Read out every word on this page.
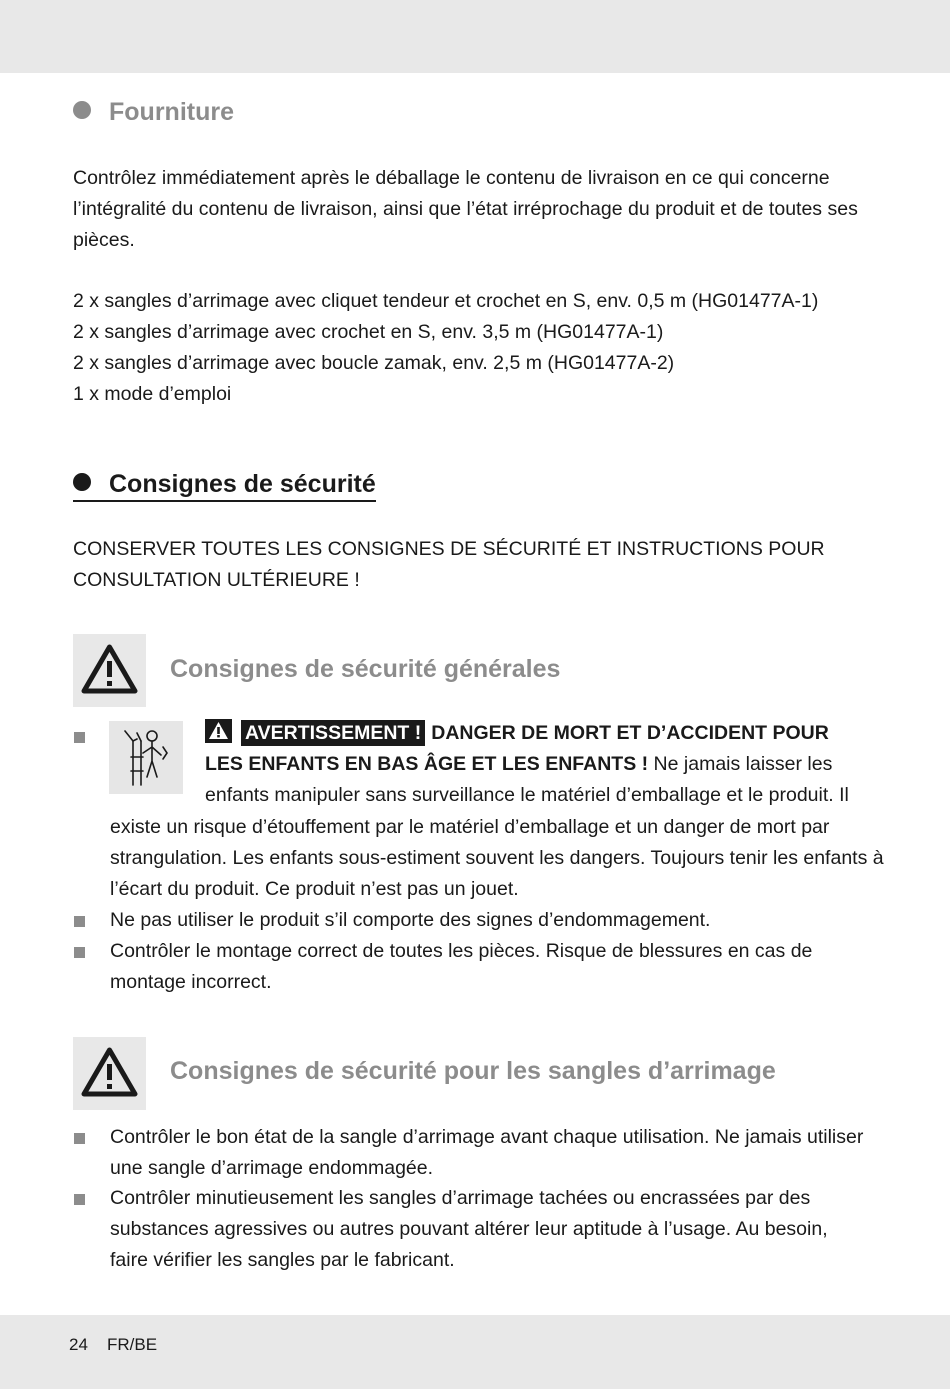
Fourniture
Contrôlez immédiatement après le déballage le contenu de livraison en ce qui concerne
l’intégralité du contenu de livraison, ainsi que l’état irréprochage du produit et de toutes ses
pièces.
2 x sangles d’arrimage avec cliquet tendeur et crochet en S, env. 0,5 m (HG01477A-1)
2 x sangles d’arrimage avec crochet en S, env. 3,5 m (HG01477A-1)
2 x sangles d’arrimage avec boucle zamak, env. 2,5 m (HG01477A-2)
1 x mode d’emploi
Consignes de sécurité
CONSERVER TOUTES LES CONSIGNES DE SÉCURITÉ ET INSTRUCTIONS POUR
CONSULTATION ULTÉRIEURE !
Consignes de sécurité générales
AVERTISSEMENT ! DANGER DE MORT ET D’ACCIDENT POUR
LES ENFANTS EN BAS ÂGE ET LES ENFANTS ! Ne jamais laisser les
enfants manipuler sans surveillance le matériel d’emballage et le produit. Il
existe un risque d’étouffement par le matériel d’emballage et un danger de mort par
strangulation. Les enfants sous-estiment souvent les dangers. Toujours tenir les enfants à
l’écart du produit. Ce produit n’est pas un jouet.
Ne pas utiliser le produit s’il comporte des signes d’endommagement.
Contrôler le montage correct de toutes les pièces. Risque de blessures en cas de
montage incorrect.
Consignes de sécurité pour les sangles d’arrimage
Contrôler le bon état de la sangle d’arrimage avant chaque utilisation. Ne jamais utiliser
une sangle d’arrimage endommagée.
Contrôler minutieusement les sangles d’arrimage tachées ou encrassées par des
substances agressives ou autres pouvant altérer leur aptitude à l’usage. Au besoin,
faire vérifier les sangles par le fabricant.
24 FR/BE
